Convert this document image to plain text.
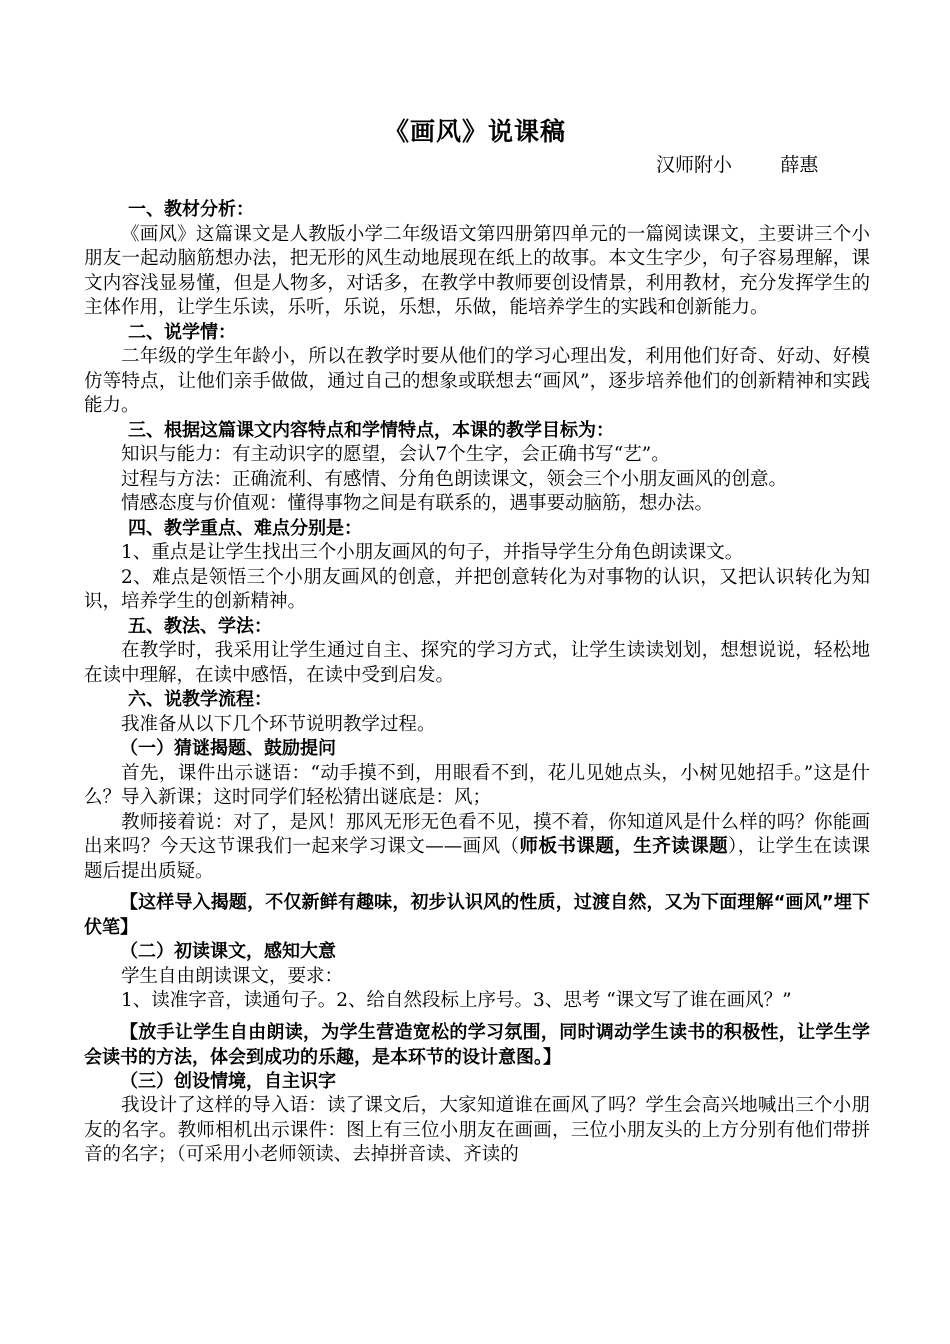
《画风》说课稿
汉师附小        薛惠
一、教材分析：

《画风》这篇课文是人教版小学二年级语文第四册第四单元的一篇阅读课文，主要讲三个小朋友一起动脑筋想办法，把无形的风生动地展现在纸上的故事。本文生字少，句子容易理解，课文内容浅显易懂，但是人物多，对话多，在教学中教师要创设情景，利用教材，充分发挥学生的主体作用，让学生乐读，乐听，乐说，乐想，乐做，能培养学生的实践和创新能力。

二、说学情：

二年级的学生年龄小，所以在教学时要从他们的学习心理出发，利用他们好奇、好动、好模仿等特点，让他们亲手做做，通过自己的想象或联想去“画风”，逐步培养他们的创新精神和实践能力。

三、根据这篇课文内容特点和学情特点，本课的教学目标为：

知识与能力：有主动识字的愿望，会认7个生字，会正确书写“艺”。

过程与方法：正确流利、有感情、分角色朗读课文，领会三个小朋友画风的创意。

情感态度与价值观：懂得事物之间是有联系的，遇事要动脑筋，想办法。

四、教学重点、难点分别是：

1、重点是让学生找出三个小朋友画风的句子，并指导学生分角色朗读课文。

2、难点是领悟三个小朋友画风的创意，并把创意转化为对事物的认识，又把认识转化为知识，培养学生的创新精神。

五、教法、学法：

在教学时，我采用让学生通过自主、探究的学习方式，让学生读读划划，想想说说，轻松地在读中理解，在读中感悟，在读中受到启发。

六、说教学流程：

我准备从以下几个环节说明教学过程。

（一）猜谜揭题、鼓励提问

首先，课件出示谜语：“动手摸不到，用眼看不到，花儿见她点头，小树见她招手。”这是什么？导入新课；这时同学们轻松猜出谜底是：风；

教师接着说：对了，是风！那风无形无色看不见，摸不着，你知道风是什么样的吗？你能画出来吗？今天这节课我们一起来学习课文——画风（师板书课题，生齐读课题），让学生在读课题后提出质疑。

【这样导入揭题，不仅新鲜有趣味，初步认识风的性质，过渡自然，又为下面理解“画风”埋下伏笔】

（二）初读课文，感知大意

学生自由朗读课文，要求：

1、读准字音，读通句子。2、给自然段标上序号。3、思考 “课文写了谁在画风？”

【放手让学生自由朗读，为学生营造宽松的学习氛围，同时调动学生读书的积极性，让学生学会读书的方法，体会到成功的乐趣，是本环节的设计意图。】

（三）创设情境，自主识字

我设计了这样的导入语：读了课文后，大家知道谁在画风了吗？学生会高兴地喊出三个小朋友的名字。教师相机出示课件：图上有三位小朋友在画画，三位小朋友头的上方分别有他们带拼音的名字；（可采用小老师领读、去掉拼音读、齐读的
